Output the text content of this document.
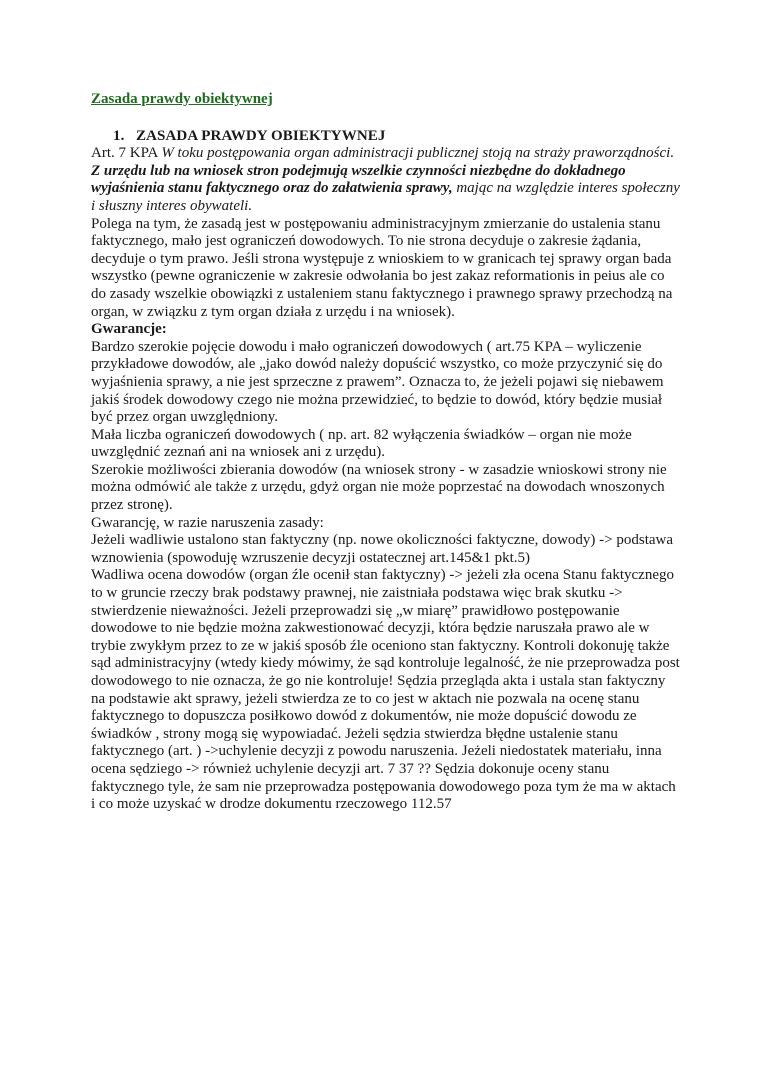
Zasada prawdy obiektywnej

1. ZASADA PRAWDY OBIEKTYWNEJ

Art. 7 KPA W toku postępowania organ administracji publicznej stoją na straży praworządności. Z urzędu lub na wniosek stron podejmują wszelkie czynności niezbędne do dokładnego wyjaśnienia stanu faktycznego oraz do załatwienia sprawy, mając na względzie interes społeczny i słuszny interes obywateli.

Polega na tym, że zasadą jest w postępowaniu administracyjnym zmierzanie do ustalenia stanu faktycznego, mało jest ograniczeń dowodowych. To nie strona decyduje o zakresie żądania, decyduje o tym prawo. Jeśli strona występuje z wnioskiem to w granicach tej sprawy organ bada wszystko (pewne ograniczenie w zakresie odwołania bo jest zakaz reformationis in peius ale co do zasady wszelkie obowiązki z ustaleniem stanu faktycznego i prawnego sprawy przechodzą na organ, w związku z tym organ działa z urzędu i na wniosek).

Gwarancje:

Bardzo szerokie pojęcie dowodu i mało ograniczeń dowodowych ( art.75 KPA – wyliczenie przykładowe dowodów, ale „jako dowód należy dopuścić wszystko, co może przyczynić się do wyjaśnienia sprawy, a nie jest sprzeczne z prawem”. Oznacza to, że jeżeli pojawi się niebawem jakiś środek dowodowy czego nie można przewidzieć, to będzie to dowód, który będzie musiał być przez organ uwzględniony.

Mała liczba ograniczeń dowodowych ( np. art. 82 wyłączenia świadków – organ nie może uwzględnić zeznań ani na wniosek ani z urzędu).

Szerokie możliwości zbierania dowodów (na wniosek strony - w zasadzie wnioskowi strony nie można odmówić ale także z urzędu, gdyż organ nie może poprzestać na dowodach wnoszonych przez stronę).

Gwarancję, w razie naruszenia zasady:

Jeżeli wadliwie ustalono stan faktyczny (np. nowe okoliczności faktyczne, dowody) -> podstawa wznowienia (spowoduję wzruszenie decyzji ostatecznej art.145&1 pkt.5)

Wadliwa ocena dowodów (organ źle ocenił stan faktyczny) -> jeżeli zła ocena Stanu faktycznego to w gruncie rzeczy brak podstawy prawnej, nie zaistniała podstawa więc brak skutku -> stwierdzenie nieważności. Jeżeli przeprowadzi się „w miarę” prawidłowo postępowanie dowodowe to nie będzie można zakwestionować decyzji, która będzie naruszała prawo ale w trybie zwykłym przez to ze w jakiś sposób źle oceniono stan faktyczny. Kontroli dokonuję także sąd administracyjny (wtedy kiedy mówimy, że sąd kontroluje legalność, że nie przeprowadza post dowodowego to nie oznacza, że go nie kontroluje! Sędzia przegląda akta i ustala stan faktyczny na podstawie akt sprawy, jeżeli stwierdza ze to co jest w aktach nie pozwala na ocenę stanu faktycznego to dopuszcza posiłkowo dowód z dokumentów, nie może dopuścić dowodu ze świadków , strony mogą się wypowiadać. Jeżeli sędzia stwierdza błędne ustalenie stanu faktycznego (art. ) ->uchylenie decyzji z powodu naruszenia. Jeżeli niedostatek materiału, inna ocena sędziego -> również uchylenie decyzji art. 7 37 ?? Sędzia dokonuje oceny stanu faktycznego tyle, że sam nie przeprowadza postępowania dowodowego poza tym że ma w aktach i co może uzyskać w drodze dokumentu rzeczowego 112.57
